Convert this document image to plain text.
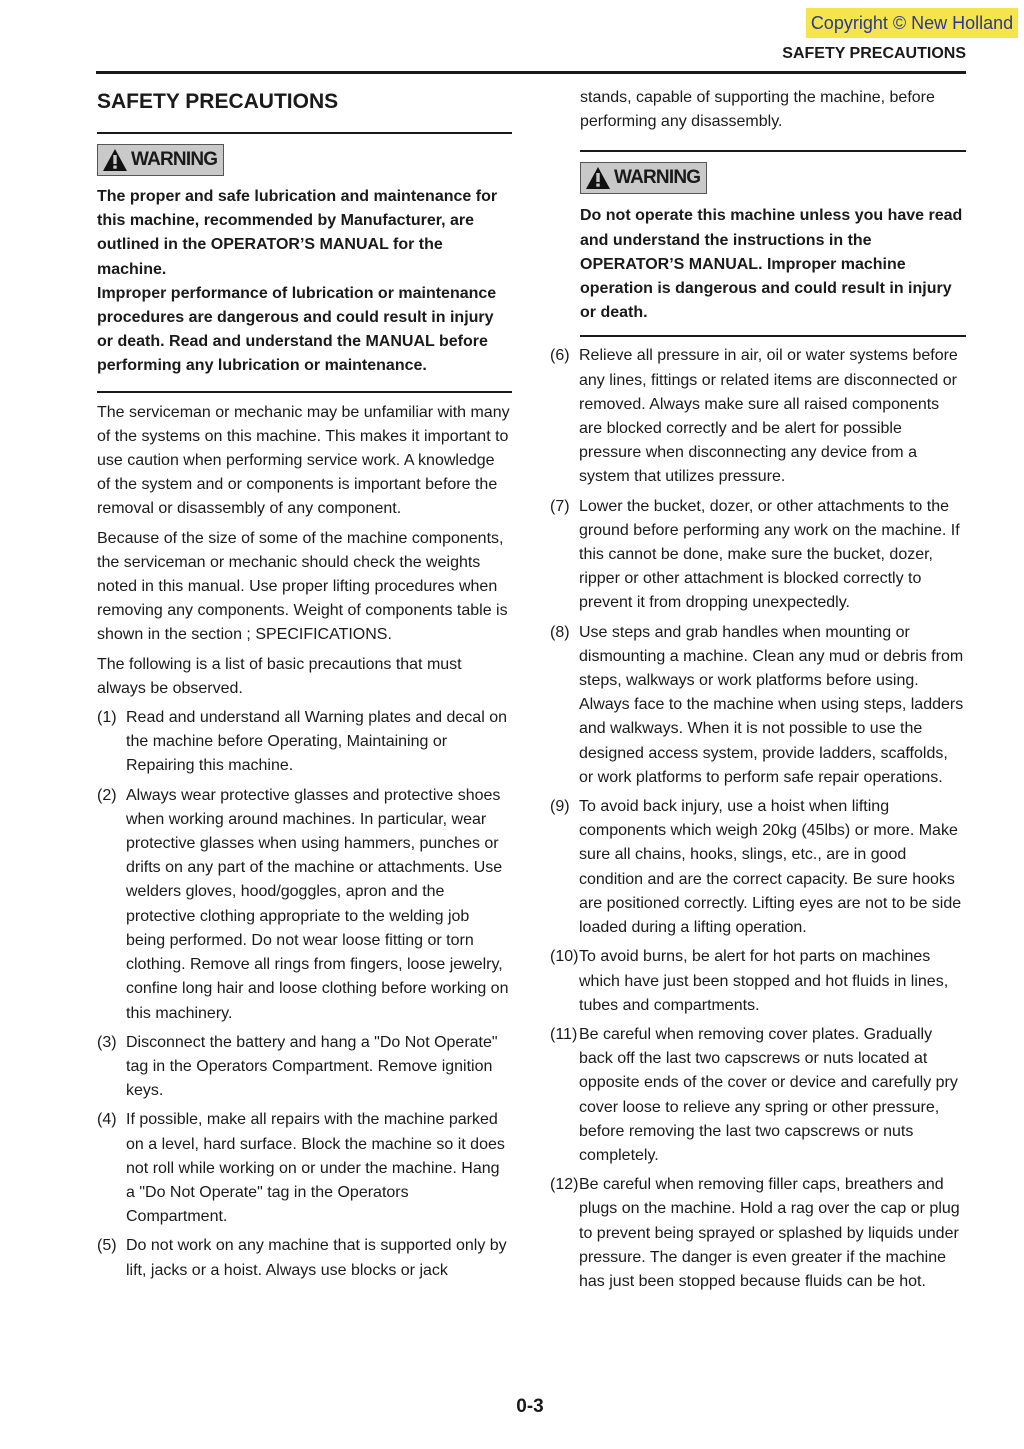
Copyright © New Holland
SAFETY PRECAUTIONS
SAFETY PRECAUTIONS
WARNING

The proper and safe lubrication and maintenance for this machine, recommended by Manufacturer, are outlined in the OPERATOR’S MANUAL for the machine.

Improper performance of lubrication or maintenance procedures are dangerous and could result in injury or death. Read and understand the MANUAL before performing any lubrication or maintenance.

The serviceman or mechanic may be unfamiliar with many of the systems on this machine. This makes it important to use caution when performing service work. A knowledge of the system and or components is important before the removal or disassembly of any component.

Because of the size of some of the machine components, the serviceman or mechanic should check the weights noted in this manual. Use proper lifting procedures when removing any components. Weight of components table is shown in the section ; SPECIFICATIONS.

The following is a list of basic precautions that must always be observed.

(1) Read and understand all Warning plates and decal on the machine before Operating, Maintaining or Repairing this machine.
(2) Always wear protective glasses and protective shoes when working around machines. In particular, wear protective glasses when using hammers, punches or drifts on any part of the machine or attachments. Use welders gloves, hood/goggles, apron and the protective clothing appropriate to the welding job being performed. Do not wear loose fitting or torn clothing. Remove all rings from fingers, loose jewelry, confine long hair and loose clothing before working on this machinery.
(3) Disconnect the battery and hang a "Do Not Operate" tag in the Operators Compartment. Remove ignition keys.
(4) If possible, make all repairs with the machine parked on a level, hard surface. Block the machine so it does not roll while working on or under the machine. Hang a "Do Not Operate" tag in the Operators Compartment.
(5) Do not work on any machine that is supported only by lift, jacks or a hoist. Always use blocks or jack

stands, capable of supporting the machine, before performing any disassembly.

WARNING

Do not operate this machine unless you have read and understand the instructions in the OPERATOR’S MANUAL. Improper machine operation is dangerous and could result in injury or death.

(6) Relieve all pressure in air, oil or water systems before any lines, fittings or related items are disconnected or removed. Always make sure all raised components are blocked correctly and be alert for possible pressure when disconnecting any device from a system that utilizes pressure.
(7) Lower the bucket, dozer, or other attachments to the ground before performing any work on the machine. If this cannot be done, make sure the bucket, dozer, ripper or other attachment is blocked correctly to prevent it from dropping unexpectedly.
(8) Use steps and grab handles when mounting or dismounting a machine. Clean any mud or debris from steps, walkways or work platforms before using. Always face to the machine when using steps, ladders and walkways. When it is not possible to use the designed access system, provide ladders, scaffolds, or work platforms to perform safe repair operations.
(9) To avoid back injury, use a hoist when lifting components which weigh 20kg (45lbs) or more. Make sure all chains, hooks, slings, etc., are in good condition and are the correct capacity. Be sure hooks are positioned correctly. Lifting eyes are not to be side loaded during a lifting operation.
(10) To avoid burns, be alert for hot parts on machines which have just been stopped and hot fluids in lines, tubes and compartments.
(11) Be careful when removing cover plates. Gradually back off the last two capscrews or nuts located at opposite ends of the cover or device and carefully pry cover loose to relieve any spring or other pressure, before removing the last two capscrews or nuts completely.
(12) Be careful when removing filler caps, breathers and plugs on the machine. Hold a rag over the cap or plug to prevent being sprayed or splashed by liquids under pressure. The danger is even greater if the machine has just been stopped because fluids can be hot.
0-3
